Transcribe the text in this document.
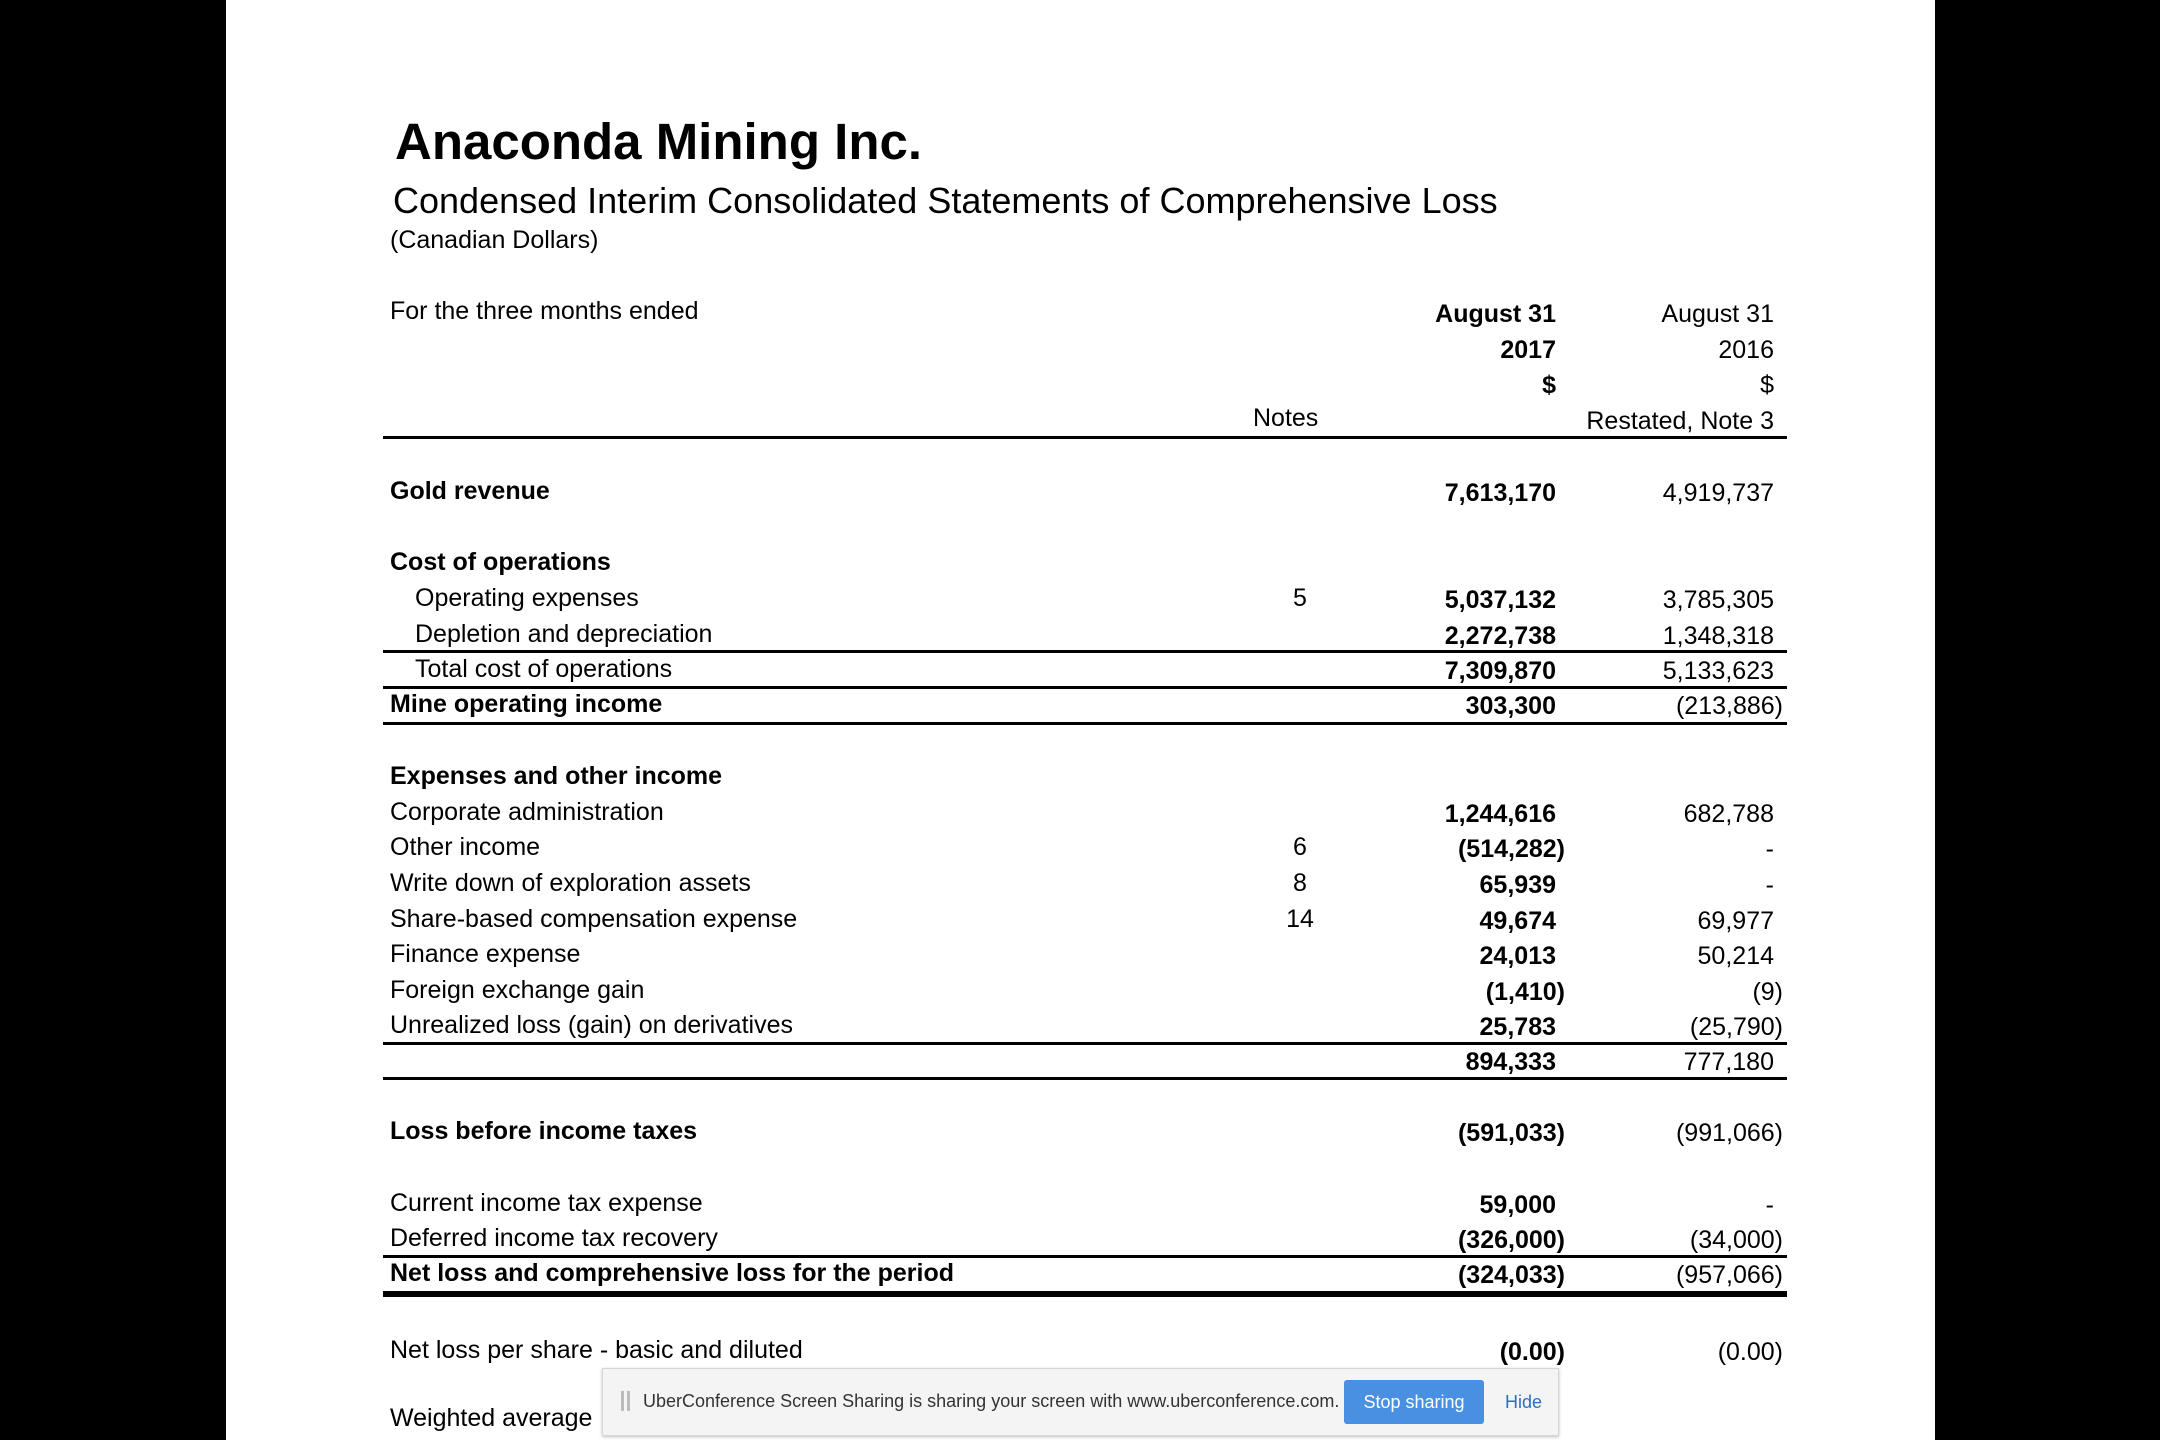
Anaconda Mining Inc.
Condensed Interim Consolidated Statements of Comprehensive Loss
(Canadian Dollars)
For the three months ended	August 31
2017
$
August 31
2016
$
Restated, Note 3
Notes
Gold revenue	7,613,170	4,919,737
Cost of operations
Operating expenses	5	5,037,132	3,785,305
Depletion and depreciation	2,272,738	1,348,318
Total cost of operations	7,309,870	5,133,623
Mine operating income	303,300	(213,886)
Expenses and other income
Corporate administration	1,244,616	682,788
Other income	6	(514,282)	-
Write down of exploration assets	8	65,939	-
Share-based compensation expense	14	49,674	69,977
Finance expense	24,013	50,214
Foreign exchange gain	(1,410)	(9)
Unrealized loss (gain) on derivatives	25,783	(25,790)
894,333	777,180
Loss before income taxes	(591,033)	(991,066)
Current income tax expense	59,000	-
Deferred income tax recovery	(326,000)	(34,000)
Net loss and comprehensive loss for the period	(324,033)	(957,066)
Net loss per share - basic and diluted	(0.00)	(0.00)
Weighted average
UberConference Screen Sharing is sharing your screen with www.uberconference.com.	Stop sharing	Hide
